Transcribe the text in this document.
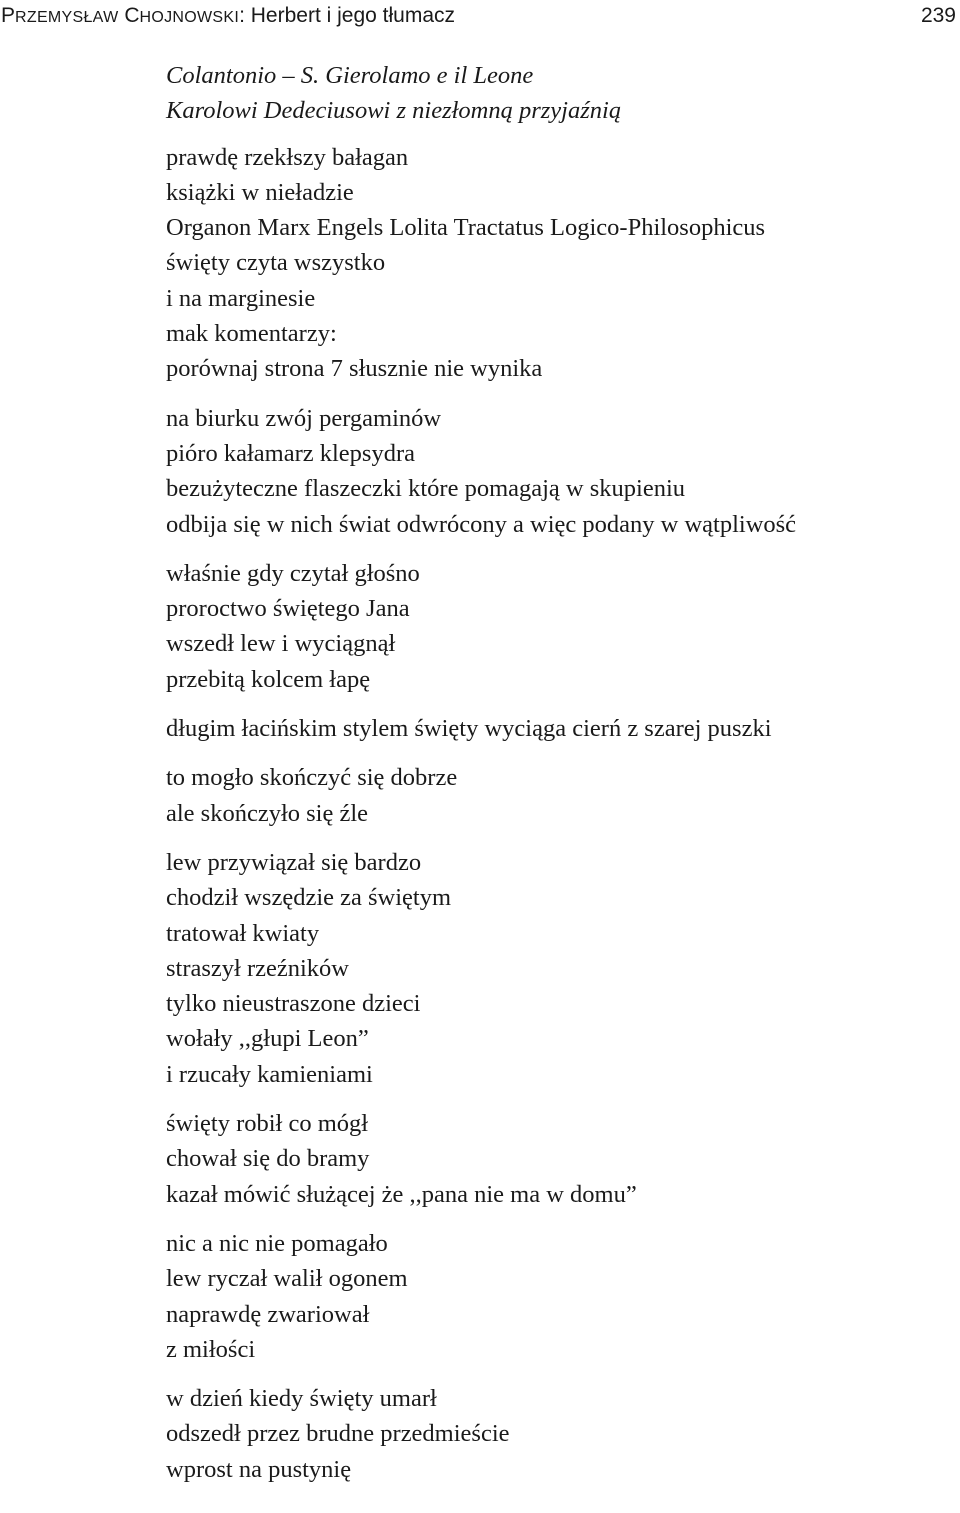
PRZEMYSŁAW CHOJNOWSKI: Herbert i jego tłumacz	239
Colantonio – S. Gierolamo e il Leone
Karolowi Dedeciusowi z niezłomną przyjaźnią
prawdę rzekłszy bałagan
książki w nieładzie
Organon Marx Engels Lolita Tractatus Logico-Philosophicus
święty czyta wszystko
i na marginesie
mak komentarzy:
porównaj strona 7 słusznie nie wynika
na biurku zwój pergaminów
pióro kałamarz klepsydra
bezużyteczne flaszeczki które pomagają w skupieniu
odbija się w nich świat odwrócony a więc podany w wątpliwość
właśnie gdy czytał głośno
proroctwo świętego Jana
wszedł lew i wyciągnął
przebitą kolcem łapę
długim łacińskim stylem święty wyciąga cierń z szarej puszki
to mogło skończyć się dobrze
ale skończyło się źle
lew przywiązał się bardzo
chodził wszędzie za świętym
tratował kwiaty
straszył rzeźników
tylko nieustraszone dzieci
wołały ,,głupi Leon”
i rzucały kamieniami
święty robił co mógł
chował się do bramy
kazał mówić służącej że ,,pana nie ma w domu”
nic a nic nie pomagało
lew ryczał walił ogonem
naprawdę zwariował
z miłości
w dzień kiedy święty umarł
odszedł przez brudne przedmieście
wprost na pustynię
